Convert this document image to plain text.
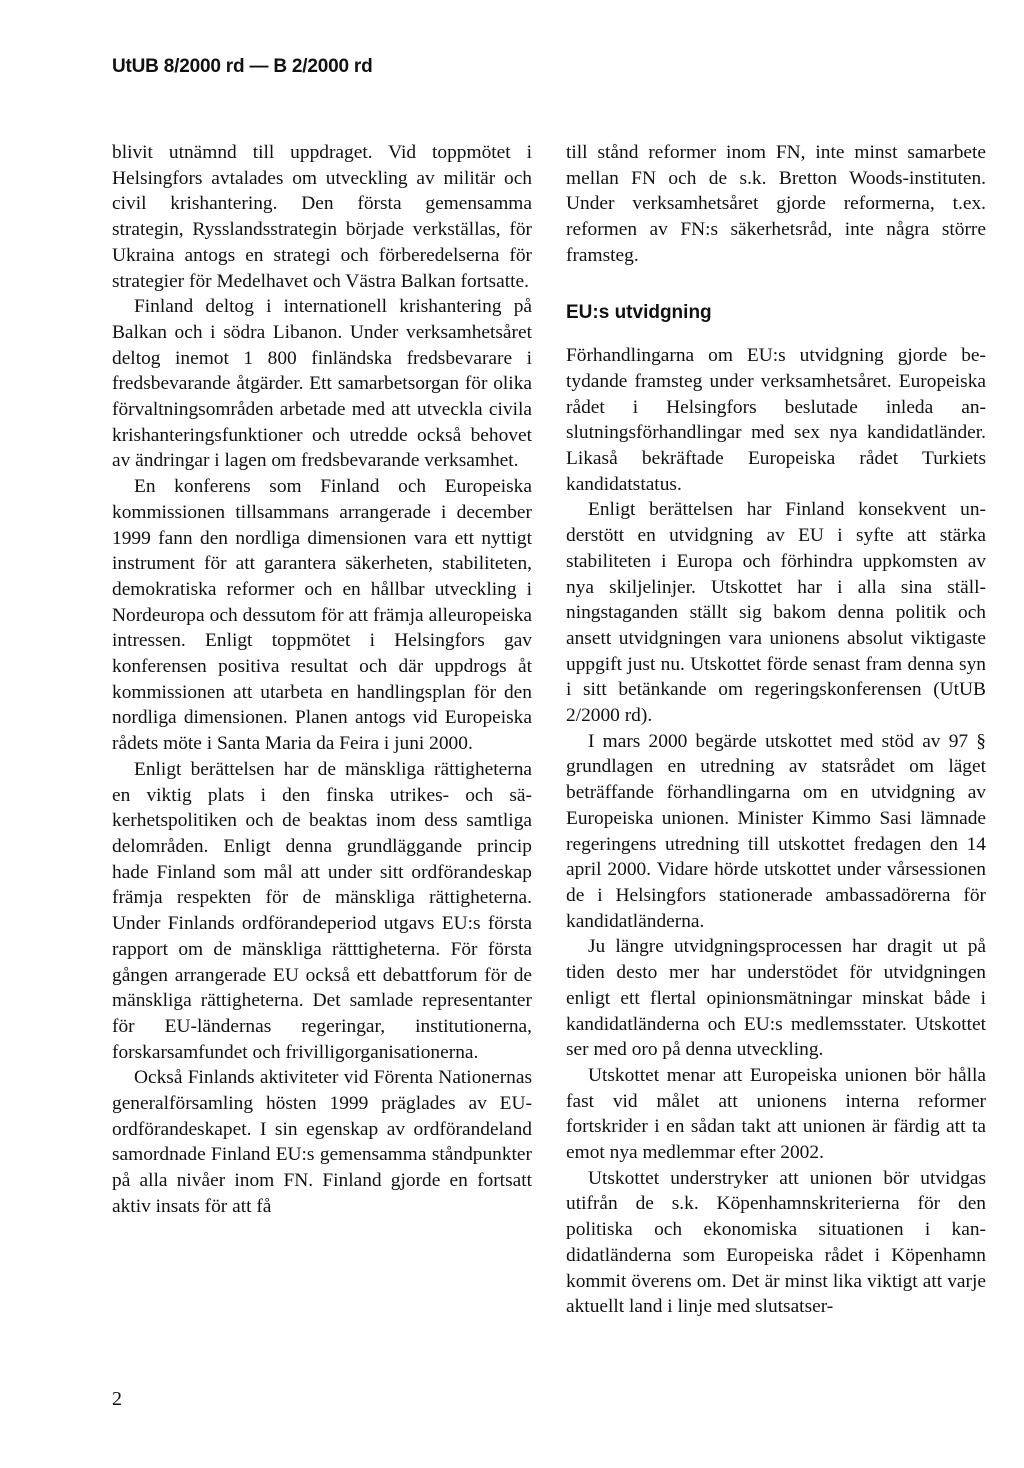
UtUB 8/2000 rd — B 2/2000 rd

blivit utnämnd till uppdraget. Vid toppmötet i Helsingfors avtalades om utveckling av militär och civil krishantering. Den första gemensamma strategin, Rysslandsstrategin började verkställas, för Ukraina antogs en strategi och förberedelserna för strategier för Medelhavet och Västra Balkan fortsatte.

Finland deltog i internationell krishantering på Balkan och i södra Libanon. Under verksamhetsåret deltog inemot 1 800 finländska fredsbevarare i fredsbevarande åtgärder. Ett samarbetsorgan för olika förvaltningsområden arbetade med att utveckla civila krishanteringsfunktioner och utredde också behovet av ändringar i lagen om fredsbevarande verksamhet.

En konferens som Finland och Europeiska kommissionen tillsammans arrangerade i december 1999 fann den nordliga dimensionen vara ett nyttigt instrument för att garantera säkerheten, stabiliteten, demokratiska reformer och en hållbar utveckling i Nordeuropa och dessutom för att främja alleuropeiska intressen. Enligt toppmötet i Helsingfors gav konferensen positiva resultat och där uppdrogs åt kommissionen att utarbeta en handlingsplan för den nordliga dimensionen. Planen antogs vid Europeiska rådets möte i Santa Maria da Feira i juni 2000.

Enligt berättelsen har de mänskliga rättigheterna en viktig plats i den finska utrikes- och säkerhetspolitiken och de beaktas inom dess samtliga delområden. Enligt denna grundläggande princip hade Finland som mål att under sitt ordförandeskap främja respekten för de mänskliga rättigheterna. Under Finlands ordförandeperiod utgavs EU:s första rapport om de mänskliga rätttigheterna. För första gången arrangerade EU också ett debattforum för de mänskliga rättigheterna. Det samlade representanter för EU-ländernas regeringar, institutionerna, forskarsamfundet och frivilligorganisationerna.

Också Finlands aktiviteter vid Förenta Nationernas generalförsamling hösten 1999 präglades av EU-ordförandeskapet. I sin egenskap av ordförandeland samordnade Finland EU:s gemensamma ståndpunkter på alla nivåer inom FN. Finland gjorde en fortsatt aktiv insats för att få

till stånd reformer inom FN, inte minst samarbete mellan FN och de s.k. Bretton Woods-instituten. Under verksamhetsåret gjorde reformerna, t.ex. reformen av FN:s säkerhetsråd, inte några större framsteg.

EU:s utvidgning

Förhandlingarna om EU:s utvidgning gjorde betydande framsteg under verksamhetsåret. Europeiska rådet i Helsingfors beslutade inleda anslutningsförhandlingar med sex nya kandidatländer. Likaså bekräftade Europeiska rådet Turkiets kandidatstatus.

Enligt berättelsen har Finland konsekvent understött en utvidgning av EU i syfte att stärka stabiliteten i Europa och förhindra uppkomsten av nya skiljelinjer. Utskottet har i alla sina ställningstaganden ställt sig bakom denna politik och ansett utvidgningen vara unionens absolut viktigaste uppgift just nu. Utskottet förde senast fram denna syn i sitt betänkande om regeringskonferensen (UtUB 2/2000 rd).

I mars 2000 begärde utskottet med stöd av 97 § grundlagen en utredning av statsrådet om läget beträffande förhandlingarna om en utvidgning av Europeiska unionen. Minister Kimmo Sasi lämnade regeringens utredning till utskottet fredagen den 14 april 2000. Vidare hörde utskottet under vårsessionen de i Helsingfors stationerade ambassadörerna för kandidatländerna.

Ju längre utvidgningsprocessen har dragit ut på tiden desto mer har understödet för utvidgningen enligt ett flertal opinionsmätningar minskat både i kandidatländerna och EU:s medlemsstater. Utskottet ser med oro på denna utveckling.

Utskottet menar att Europeiska unionen bör hålla fast vid målet att unionens interna reformer fortskrider i en sådan takt att unionen är färdig att ta emot nya medlemmar efter 2002.

Utskottet understryker att unionen bör utvidgas utifrån de s.k. Köpenhamnskriterierna för den politiska och ekonomiska situationen i kandidatländerna som Europeiska rådet i Köpenhamn kommit överens om. Det är minst lika viktigt att varje aktuellt land i linje med slutsatser-

2
